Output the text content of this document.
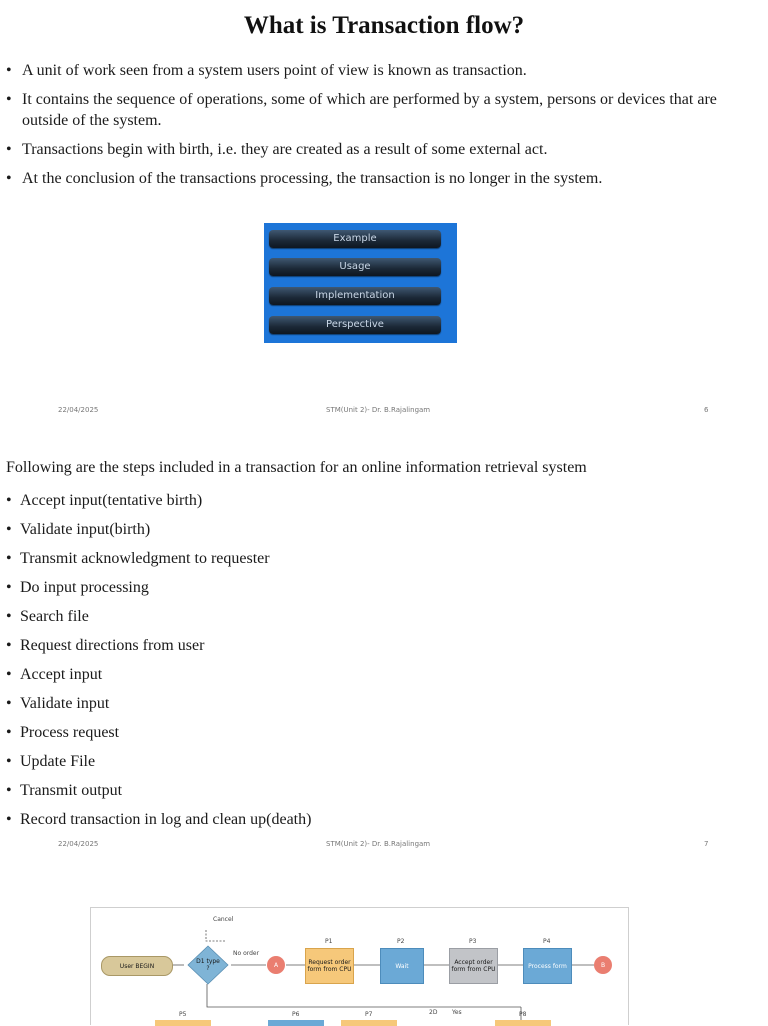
What is Transaction flow?
• A unit of work seen from a system users point of view is known as transaction.
• It contains the sequence of operations, some of which are performed by a system, persons or devices that are outside of the system.
• Transactions begin with birth, i.e. they are created as a result of some external act.
• At the conclusion of the transactions processing, the transaction is no longer in the system.
Example
Usage
Implementation
Perspective
22/04/2025	STM(Unit 2)- Dr. B.Rajalingam	6
Following are the steps included in a transaction for an online information retrieval system
• Accept input(tentative birth)
• Validate input(birth)
• Transmit acknowledgment to requester
• Do input processing
• Search file
• Request directions from user
• Accept input
• Validate input
• Process request
• Update File
• Transmit output
• Record transaction in log and clean up(death)
22/04/2025	STM(Unit 2)- Dr. B.Rajalingam	7
Cancel
User BEGIN
D1 type ?
No order
A
P1
Request order form from CPU
P2
Wait
P3
Accept order form from CPU
P4
Process form	B
P5	P6	P7	2D Yes	P8
